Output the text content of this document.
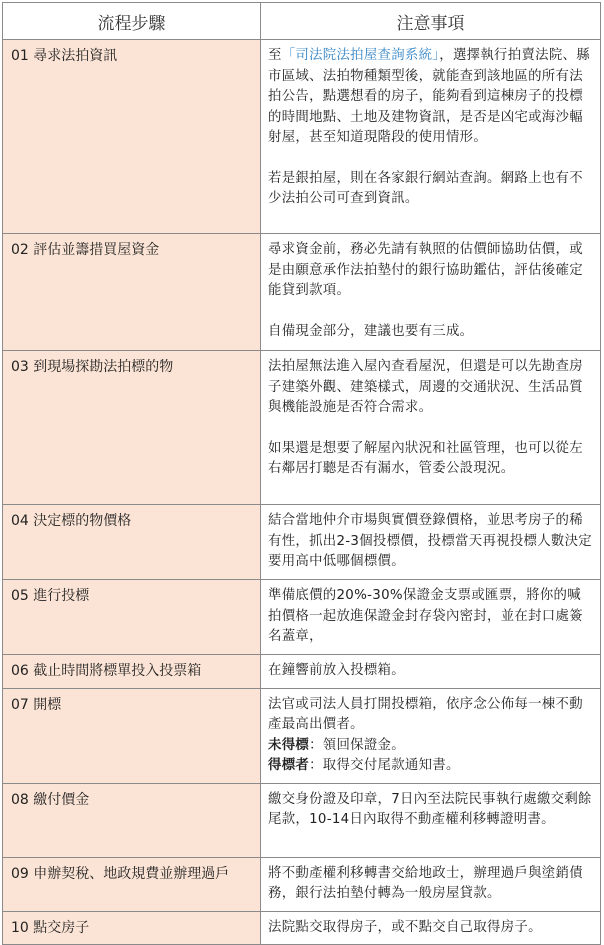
流程步驟	注意事項
01 尋求法拍資訊	至「司法院法拍屋查詢系統」，選擇執行拍賣法院、縣市區域、法拍物種類型後，就能查到該地區的所有法拍公告，點選想看的房子，能夠看到這棟房子的投標的時間地點、土地及建物資訊，是否是凶宅或海沙輻射屋，甚至知道現階段的使用情形。

若是銀拍屋，則在各家銀行網站查詢。網路上也有不少法拍公司可查到資訊。

02 評估並籌措買屋資金	尋求資金前，務必先請有執照的估價師協助估價，或是由願意承作法拍墊付的銀行協助鑑估，評估後確定能貸到款項。

自備現金部分，建議也要有三成。

03 到現場探勘法拍標的物	法拍屋無法進入屋內查看屋況，但還是可以先勘查房子建築外觀、建築樣式，周邊的交通狀況、生活品質與機能設施是否符合需求。

如果還是想要了解屋內狀況和社區管理，也可以從左右鄰居打聽是否有漏水，管委公設現況。

04 決定標的物價格	結合當地仲介市場與實價登錄價格，並思考房子的稀有性，抓出2-3個投標價，投標當天再視投標人數決定要用高中低哪個標價。

05 進行投標	準備底價的20%-30%保證金支票或匯票，將你的喊拍價格一起放進保證金封存袋內密封，並在封口處簽名蓋章，

06 截止時間將標單投入投票箱	在鐘響前放入投標箱。

07 開標	法官或司法人員打開投標箱，依序念公佈每一棟不動產最高出價者。

未得標：領回保證金。
得標者：取得交付尾款通知書。

08 繳付價金	繳交身份證及印章，7日內至法院民事執行處繳交剩餘尾款，10-14日內取得不動產權利移轉證明書。

09 申辦契稅、地政規費並辦理過戶	將不動產權利移轉書交給地政士，辦理過戶與塗銷債務，銀行法拍墊付轉為一般房屋貸款。

10 點交房子	法院點交取得房子，或不點交自己取得房子。
